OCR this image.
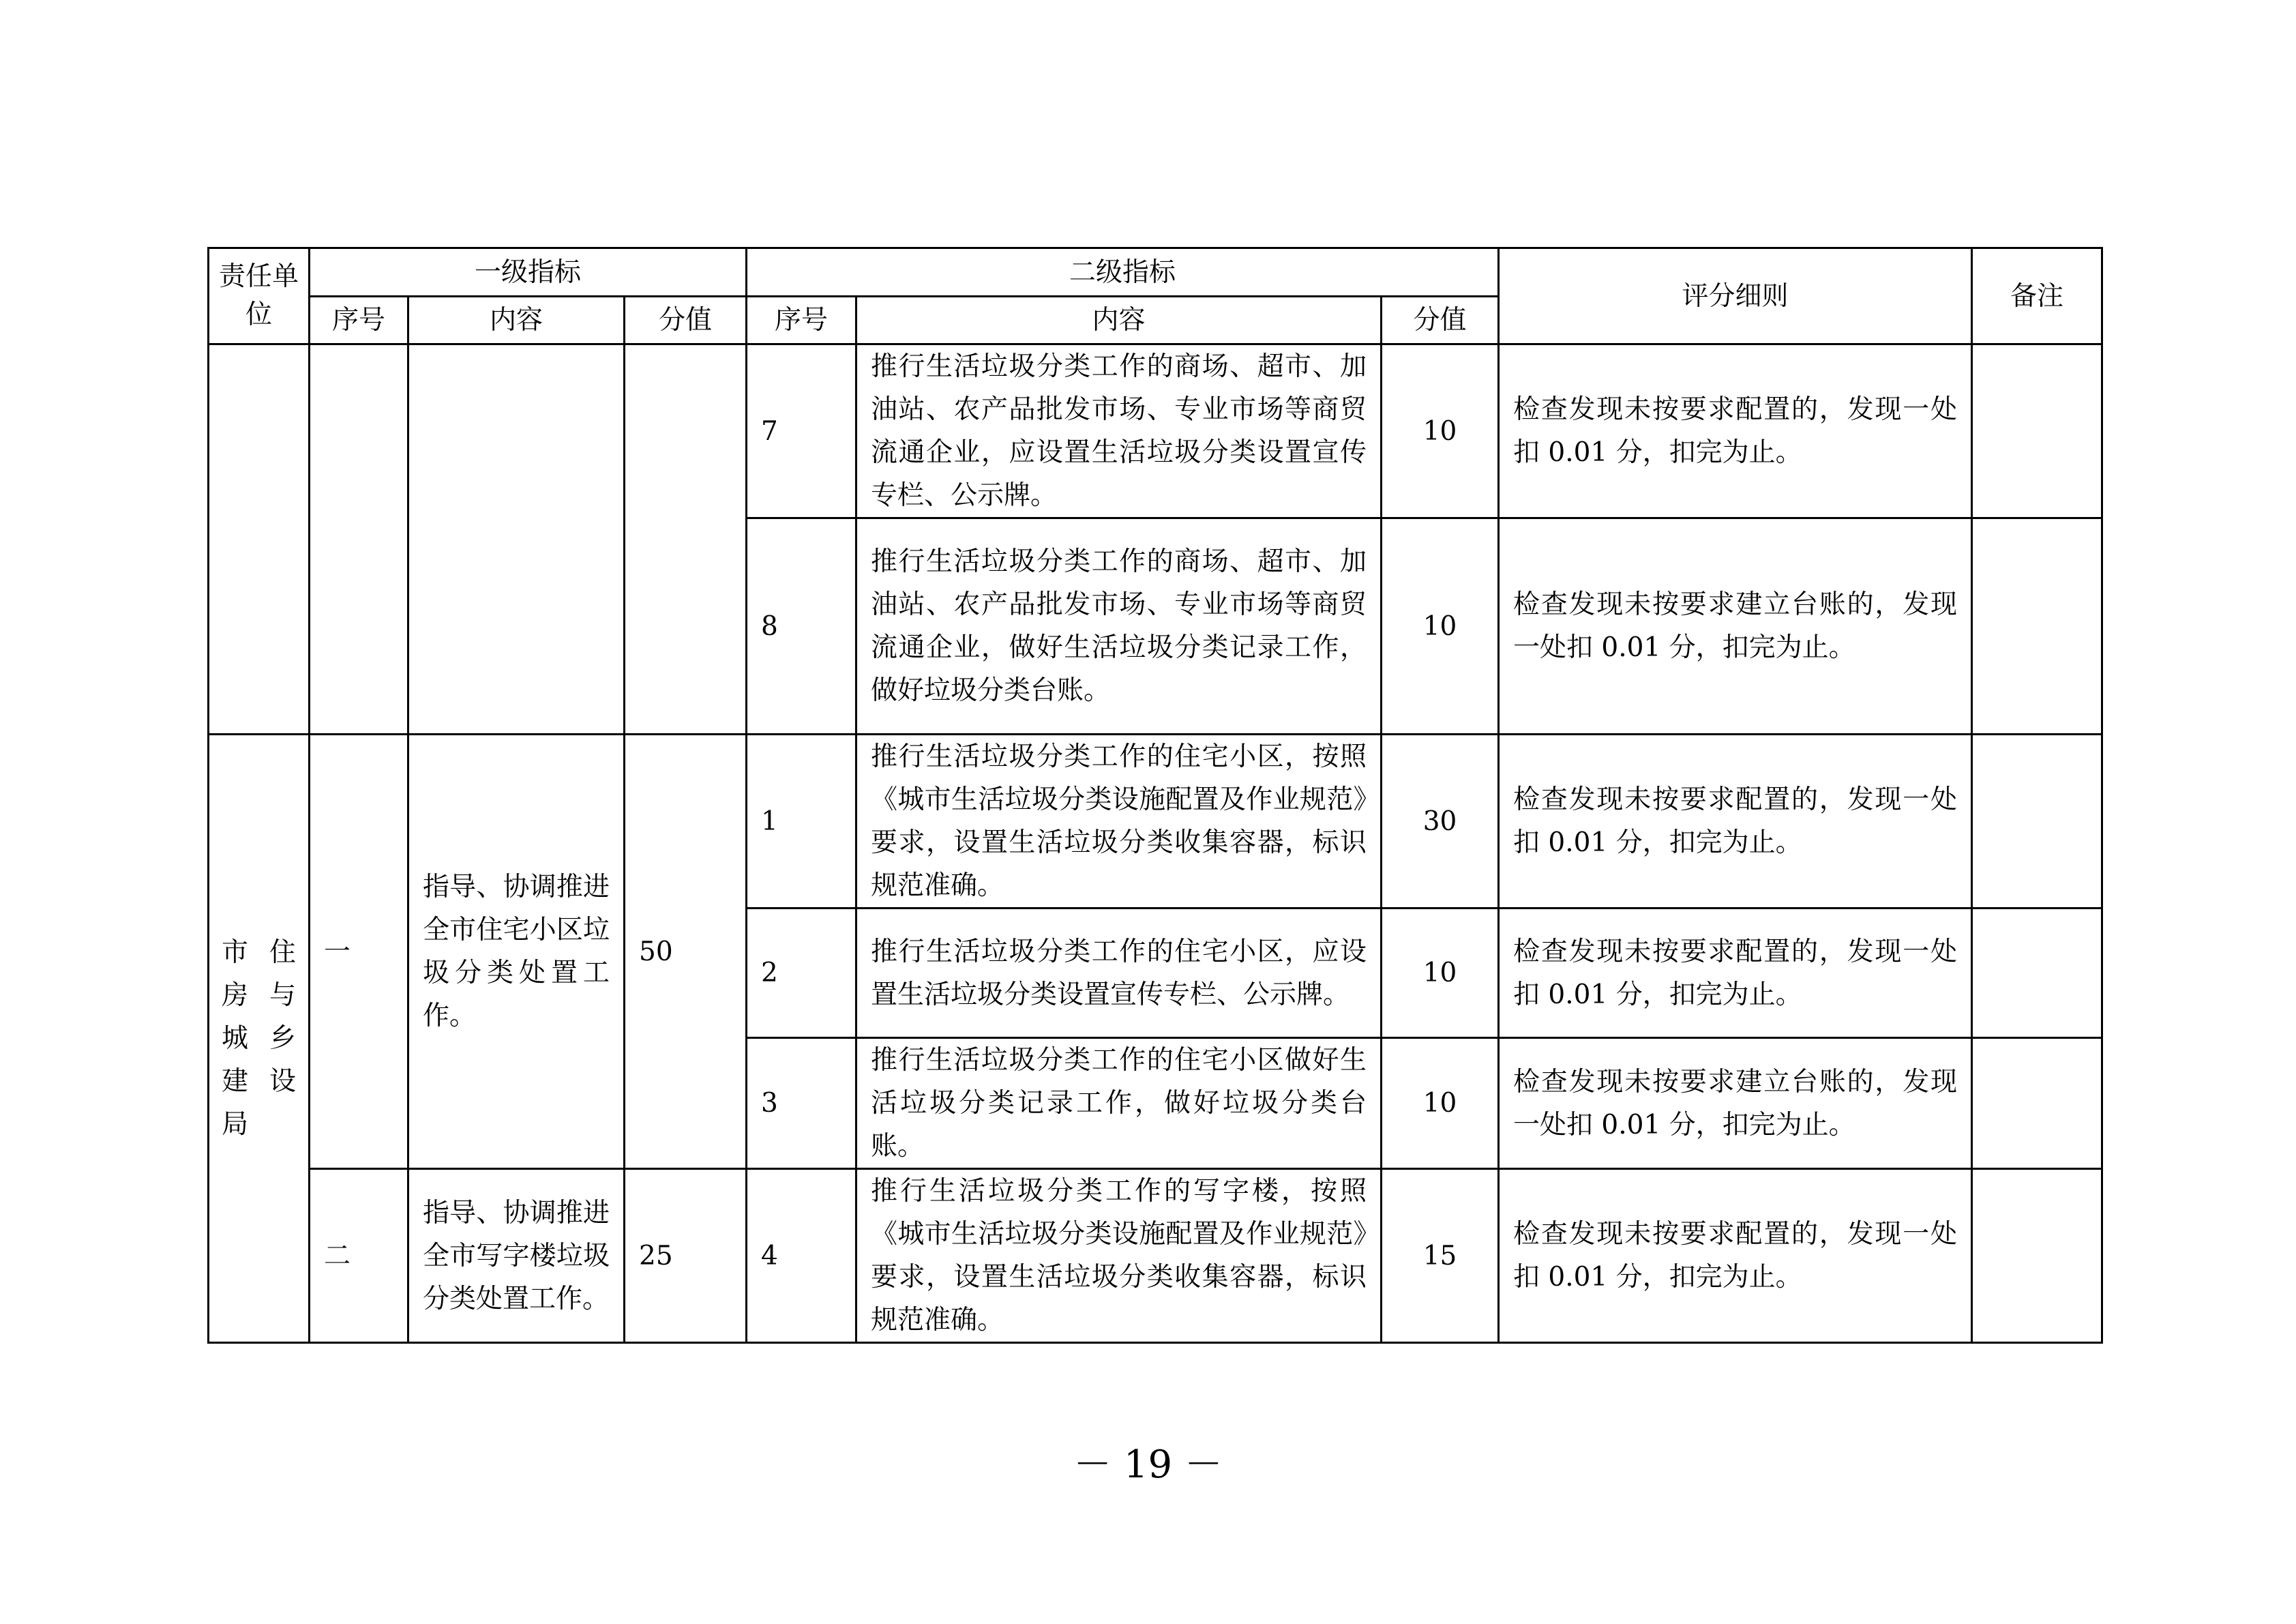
责任单位	一级指标			二级指标			评分细则	备注
	序号	内容	分值	序号	内容	分值		
				7	推行生活垃圾分类工作的商场、超市、加油站、农产品批发市场、专业市场等商贸流通企业，应设置生活垃圾分类设置宣传专栏、公示牌。	10	检查发现未按要求配置的，发现一处扣 0.01 分，扣完为止。	
				8	推行生活垃圾分类工作的商场、超市、加油站、农产品批发市场、专业市场等商贸流通企业，做好生活垃圾分类记录工作，做好垃圾分类台账。	10	检查发现未按要求建立台账的，发现一处扣 0.01 分，扣完为止。	
市住房与城乡建设局	一	指导、协调推进全市住宅小区垃圾分类处置工作。	50	1	推行生活垃圾分类工作的住宅小区，按照《城市生活垃圾分类设施配置及作业规范》要求，设置生活垃圾分类收集容器，标识规范准确。	30	检查发现未按要求配置的，发现一处扣 0.01 分，扣完为止。	
				2	推行生活垃圾分类工作的住宅小区，应设置生活垃圾分类设置宣传专栏、公示牌。	10	检查发现未按要求配置的，发现一处扣 0.01 分，扣完为止。	
				3	推行生活垃圾分类工作的住宅小区做好生活垃圾分类记录工作，做好垃圾分类台账。	10	检查发现未按要求建立台账的，发现一处扣 0.01 分，扣完为止。	
	二	指导、协调推进全市写字楼垃圾分类处置工作。	25	4	推行生活垃圾分类工作的写字楼，按照《城市生活垃圾分类设施配置及作业规范》要求，设置生活垃圾分类收集容器，标识规范准确。	15	检查发现未按要求配置的，发现一处扣 0.01 分，扣完为止。	
－ 19 －
